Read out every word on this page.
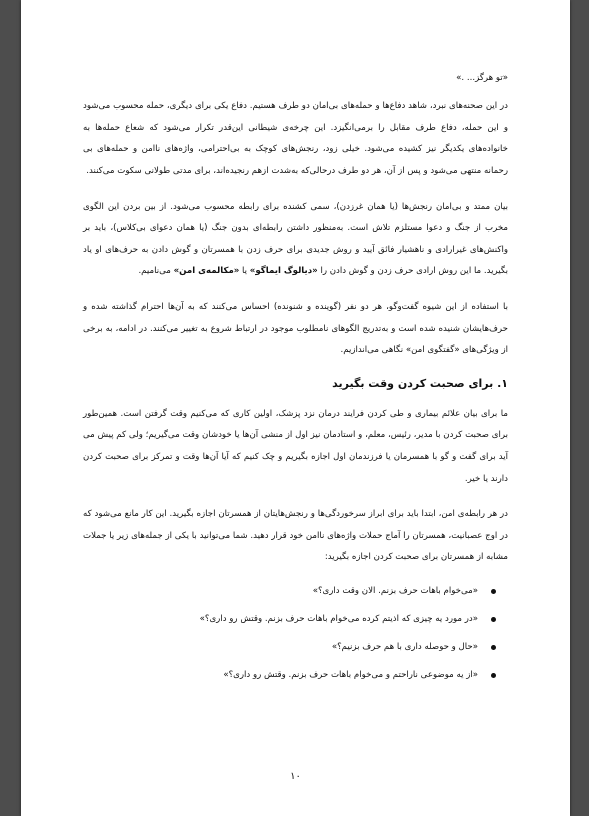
«تو هرگز... .»

در این صحنه‌های نبرد، شاهد دفاع‌ها و حمله‌های بی‌امان دو طرف هستیم. دفاع یکی برای دیگری، حمله محسوب می‌شود و این حمله، دفاع طرف مقابل را برمی‌انگیزد. این چرخه‌ی شیطانی این‌قدر تکرار می‌شود که شعاع حمله‌ها به خانواده‌های یکدیگر نیز کشیده می‌شود. خیلی زود، رنجش‌های کوچک به بی‌احترامی، واژه‌های ناامن و حمله‌های بی رحمانه منتهی می‌شود و پس از آن، هر دو طرف درحالی‌که به‌شدت ازهم رنجیده‌اند، برای مدتی طولانی سکوت می‌کنند.

بیان ممتد و بی‌امان رنجش‌ها (یا همان غرزدن)، سمی کشنده برای رابطه محسوب می‌شود. از بین بردن این الگوی مخرب از جنگ و دعوا مستلزم تلاش است. به‌منظور داشتن رابطه‌ای بدون جنگ (یا همان دعوای بی‌کلاس)، باید بر واکنش‌های غیرارادی و ناهشیار فائق آیید و روش جدیدی برای حرف زدن با همسرتان و گوش دادن به حرف‌های او یاد بگیرید. ما این روش ارادی حرف زدن و گوش دادن را «دیالوگ ایماگو» یا «مکالمه‌ی امن» می‌نامیم.

با استفاده از این شیوه گفت‌وگو، هر دو نفر (گوینده و شنونده) احساس می‌کنند که به آن‌ها احترام گذاشته شده و حرف‌هایشان شنیده شده است و به‌تدریج الگوهای نامطلوب موجود در ارتباط شروع به تغییر می‌کنند. در ادامه، به برخی از ویژگی‌های «گفتگوی امن» نگاهی می‌اندازیم.

۱. برای صحبت کردن وقت بگیرید

ما برای بیان علائم بیماری و طی کردن فرایند درمان نزد پزشک، اولین کاری که می‌کنیم وقت گرفتن است. همین‌طور برای صحبت کردن با مدیر، رئیس، معلم، و استادمان نیز اول از منشی آن‌ها یا خودشان وقت می‌گیریم؛ ولی کم پیش می آید برای گفت و گو با همسرمان یا فرزندمان اول اجازه بگیریم و چک کنیم که آیا آن‌ها وقت و تمرکز برای صحبت کردن دارند یا خیر.

در هر رابطه‌ی امن، ابتدا باید برای ابراز سرخوردگی‌ها و رنجش‌هایتان از همسرتان اجازه بگیرید. این کار مانع می‌شود که در اوج عصبانیت، همسرتان را آماج حملات واژه‌های ناامن خود قرار دهید. شما می‌توانید با یکی از جمله‌های زیر یا جملات مشابه از همسرتان برای صحبت کردن اجازه بگیرید:

«می‌خوام باهات حرف بزنم. الان وقت داری؟»
«در مورد یه چیزی که اذیتم کرده می‌خوام باهات حرف بزنم. وقتش رو داری؟»
«حال و حوصله داری با هم حرف بزنیم؟»
«از یه موضوعی ناراحتم و می‌خوام باهات حرف بزنم. وقتش رو داری؟»
۱۰
